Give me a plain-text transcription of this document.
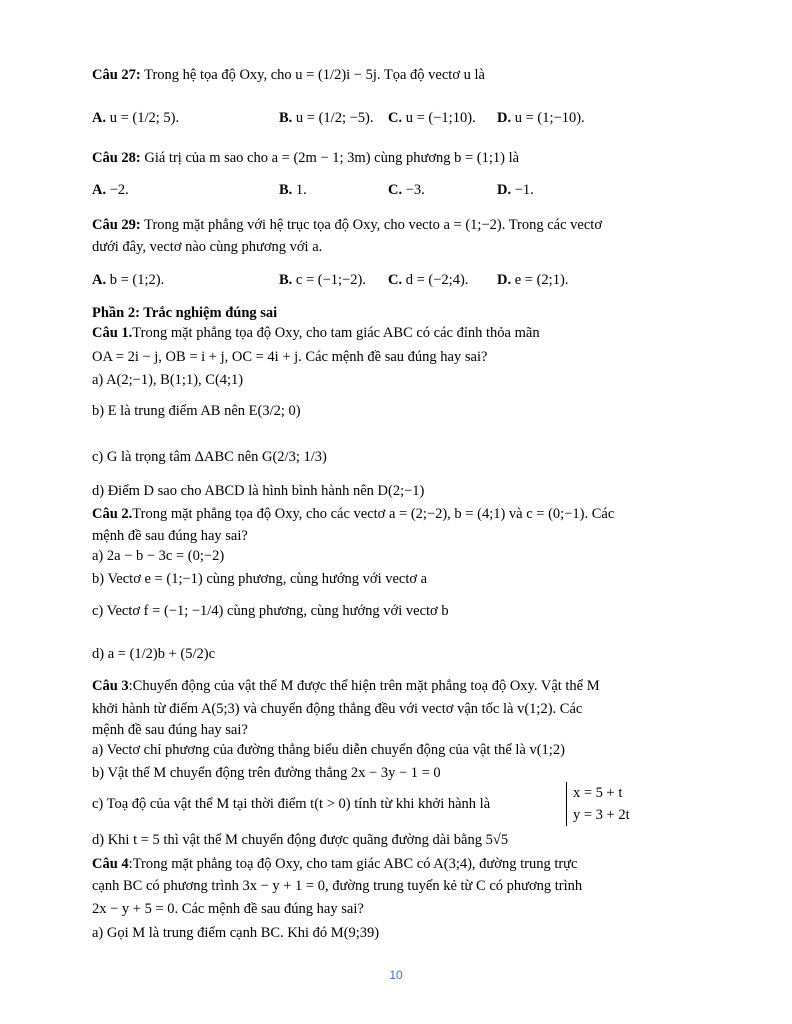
Câu 27: Trong hệ tọa độ Oxy, cho u = (1/2)i − 5j. Tọa độ vectơ u là
A. u = (1/2; 5).	B. u = (1/2; −5). C. u = (−1;10). D. u = (1;−10).
Câu 28: Giá trị của m sao cho a = (2m − 1; 3m) cùng phương b = (1;1) là
A. −2.	B. 1.	C. −3.	D. −1.
Câu 29: Trong mặt phẳng với hệ trục tọa độ Oxy, cho vecto a = (1;−2). Trong các vectơ
dưới đây, vectơ nào cùng phương với a.
A. b = (1;2).	B. c = (−1;−2). C. d = (−2;4). D. e = (2;1).
Phần 2: Trắc nghiệm đúng sai
Câu 1.Trong mặt phẳng tọa độ Oxy, cho tam giác ABC có các đỉnh thỏa mãn
OA = 2i − j, OB = i + j, OC = 4i + j. Các mệnh đề sau đúng hay sai?
a) A(2;−1), B(1;1), C(4;1)
b) E là trung điểm AB nên E(3/2; 0)
c) G là trọng tâm ΔABC nên G(2/3; 1/3)
d) Điểm D sao cho ABCD là hình bình hành nên D(2;−1)
Câu 2.Trong mặt phẳng tọa độ Oxy, cho các vectơ a = (2;−2), b = (4;1) và c = (0;−1). Các
mệnh đề sau đúng hay sai?
a) 2a − b − 3c = (0;−2)
b) Vectơ e = (1;−1) cùng phương, cùng hướng với vectơ a
c) Vectơ f = (−1; −1/4) cùng phương, cùng hướng với vectơ b
d) a = (1/2)b + (5/2)c
Câu 3:Chuyển động của vật thể M được thể hiện trên mặt phẳng toạ độ Oxy. Vật thể M
khởi hành từ điểm A(5;3) và chuyển động thẳng đều với vectơ vận tốc là v(1;2). Các
mệnh đề sau đúng hay sai?
a) Vectơ chỉ phương của đường thẳng biểu diễn chuyển động của vật thể là v(1;2)
b) Vật thể M chuyển động trên đường thẳng 2x − 3y − 1 = 0
c) Toạ độ của vật thể M tại thời điểm t(t > 0) tính từ khi khởi hành là
x = 5 + t
y = 3 + 2t
d) Khi t = 5 thì vật thể M chuyển động được quãng đường dài bằng 5√5
Câu 4:Trong mặt phẳng toạ độ Oxy, cho tam giác ABC có A(3;4), đường trung trực
cạnh BC có phương trình 3x − y + 1 = 0, đường trung tuyến kẻ từ C có phương trình
2x − y + 5 = 0. Các mệnh đề sau đúng hay sai?
a) Gọi M là trung điểm cạnh BC. Khi đó M(9;39)
10
